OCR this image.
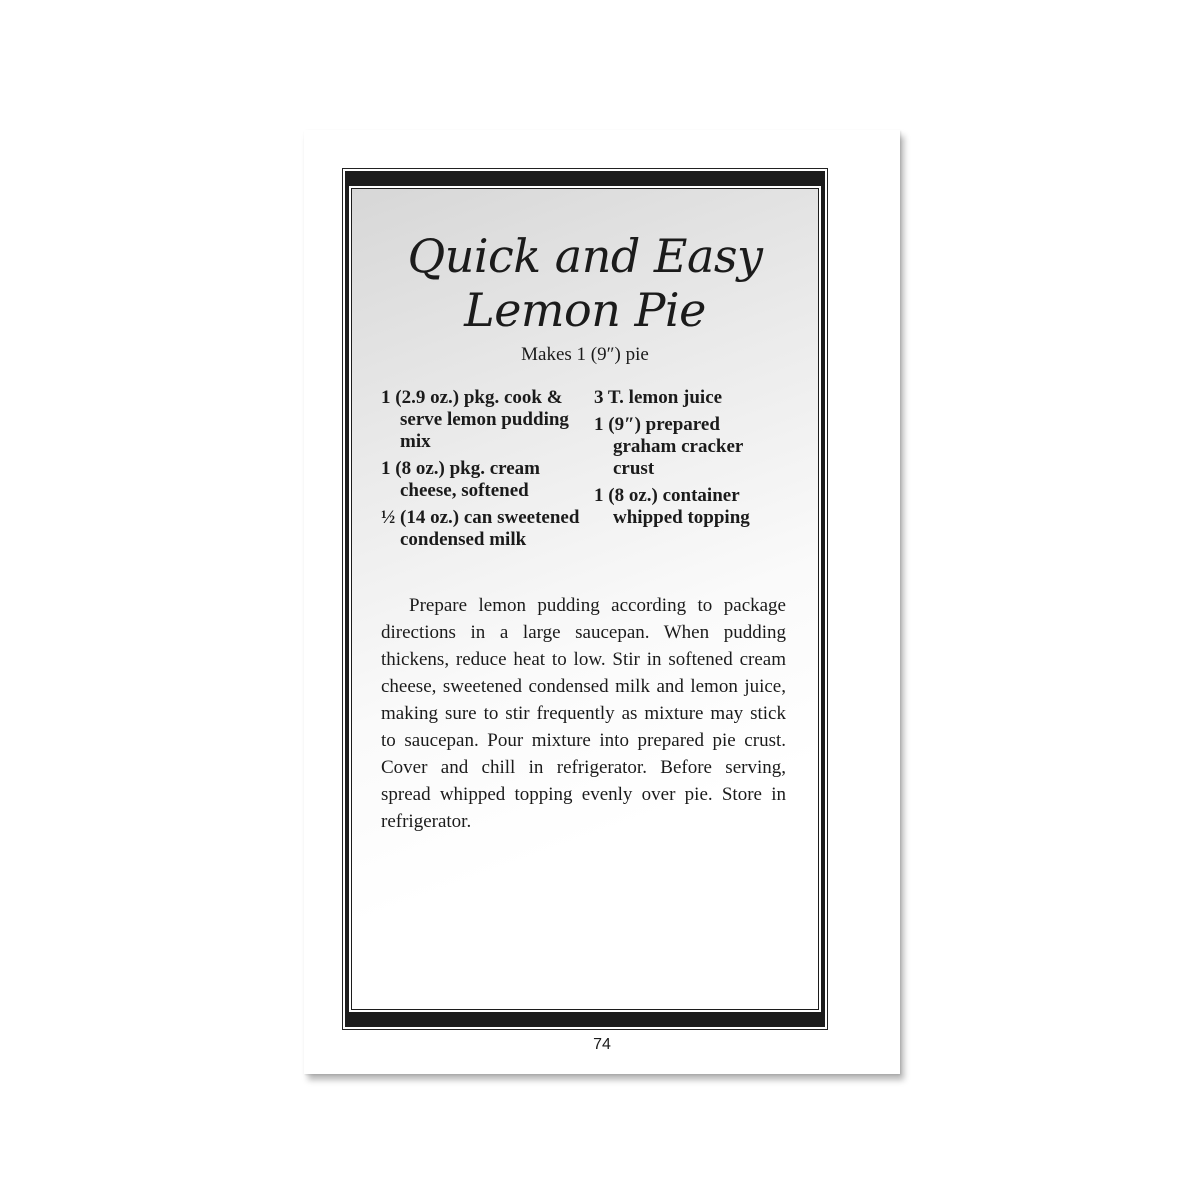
Quick and Easy
Lemon Pie
Makes 1 (9″) pie
1 (2.9 oz.) pkg. cook & serve lemon pudding mix
1 (8 oz.) pkg. cream cheese, softened
½ (14 oz.) can sweetened condensed milk
3 T. lemon juice
1 (9″) prepared graham cracker crust
1 (8 oz.) container whipped topping

Prepare lemon pudding according to package directions in a large saucepan. When pudding thickens, reduce heat to low. Stir in softened cream cheese, sweetened condensed milk and lemon juice, making sure to stir frequently as mixture may stick to saucepan. Pour mixture into prepared pie crust. Cover and chill in refrigerator. Before serving, spread whipped topping evenly over pie. Store in refrigerator.

74
